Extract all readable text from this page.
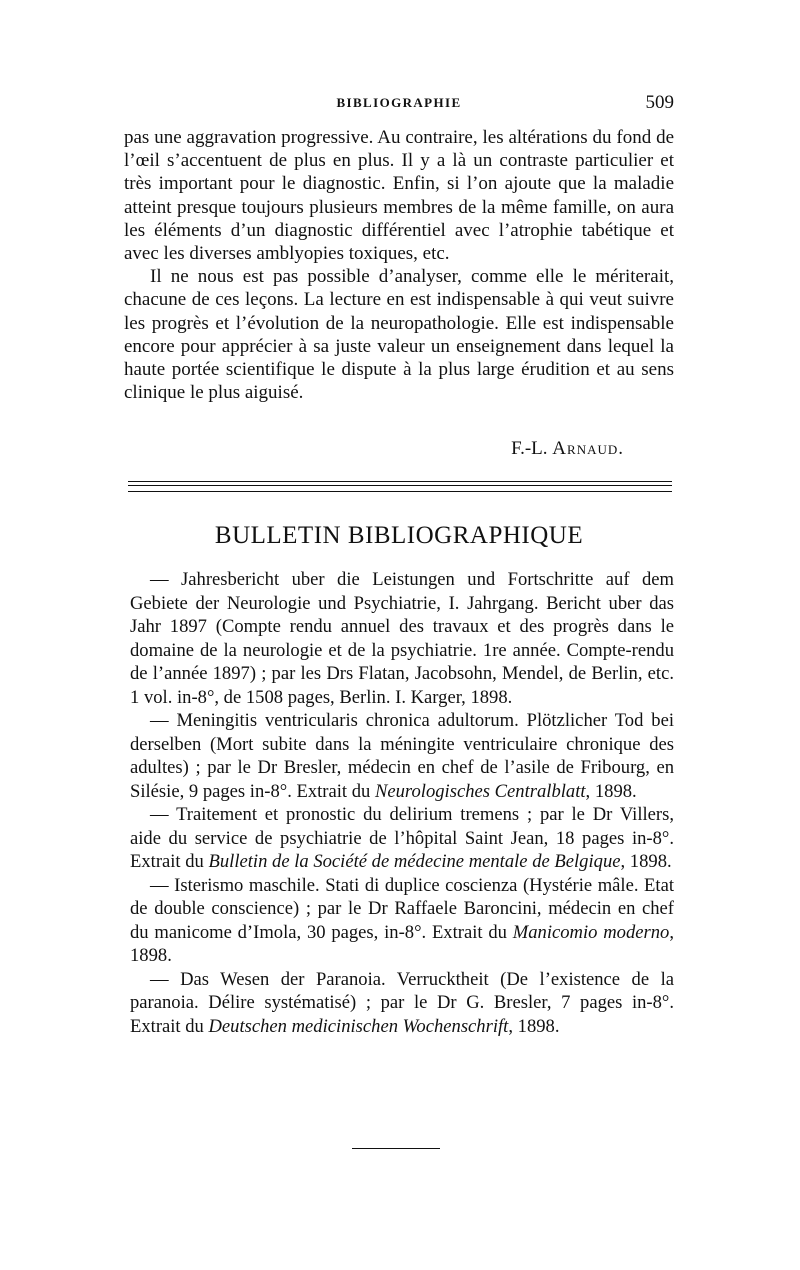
BIBLIOGRAPHIE	509

pas une aggravation progressive. Au contraire, les altérations du fond de l’œil s’accentuent de plus en plus. Il y a là un contraste particulier et très important pour le diagnostic. Enfin, si l’on ajoute que la maladie atteint presque toujours plusieurs membres de la même famille, on aura les éléments d’un diagnostic différentiel avec l’atrophie tabétique et avec les diverses amblyopies toxiques, etc.

Il ne nous est pas possible d’analyser, comme elle le mériterait, chacune de ces leçons. La lecture en est indispensable à qui veut suivre les progrès et l’évolution de la neuropathologie. Elle est indispensable encore pour apprécier à sa juste valeur un enseignement dans lequel la haute portée scientifique le dispute à la plus large érudition et au sens clinique le plus aiguisé.

F.-L. Arnaud.
BULLETIN BIBLIOGRAPHIQUE

— Jahresbericht uber die Leistungen und Fortschritte auf dem Gebiete der Neurologie und Psychiatrie, I. Jahrgang. Bericht uber das Jahr 1897 (Compte rendu annuel des travaux et des progrès dans le domaine de la neurologie et de la psychiatrie. 1re année. Compte-rendu de l’année 1897) ; par les Drs Flatan, Jacobsohn, Mendel, de Berlin, etc. 1 vol. in-8°, de 1508 pages, Berlin. I. Karger, 1898.

— Meningitis ventricularis chronica adultorum. Plötzlicher Tod bei derselben (Mort subite dans la méningite ventriculaire chronique des adultes) ; par le Dr Bresler, médecin en chef de l’asile de Fribourg, en Silésie, 9 pages in-8°. Extrait du Neurologisches Centralblatt, 1898.

— Traitement et pronostic du delirium tremens ; par le Dr Villers, aide du service de psychiatrie de l’hôpital Saint Jean, 18 pages in-8°. Extrait du Bulletin de la Société de médecine mentale de Belgique, 1898.

— Isterismo maschile. Stati di duplice coscienza (Hystérie mâle. Etat de double conscience) ; par le Dr Raffaele Baroncini, médecin en chef du manicome d’Imola, 30 pages, in-8°. Extrait du Manicomio moderno, 1898.

— Das Wesen der Paranoia. Verrucktheit (De l’existence de la paranoia. Délire systématisé) ; par le Dr G. Bresler, 7 pages in-8°. Extrait du Deutschen medicinischen Wochenschrift, 1898.
